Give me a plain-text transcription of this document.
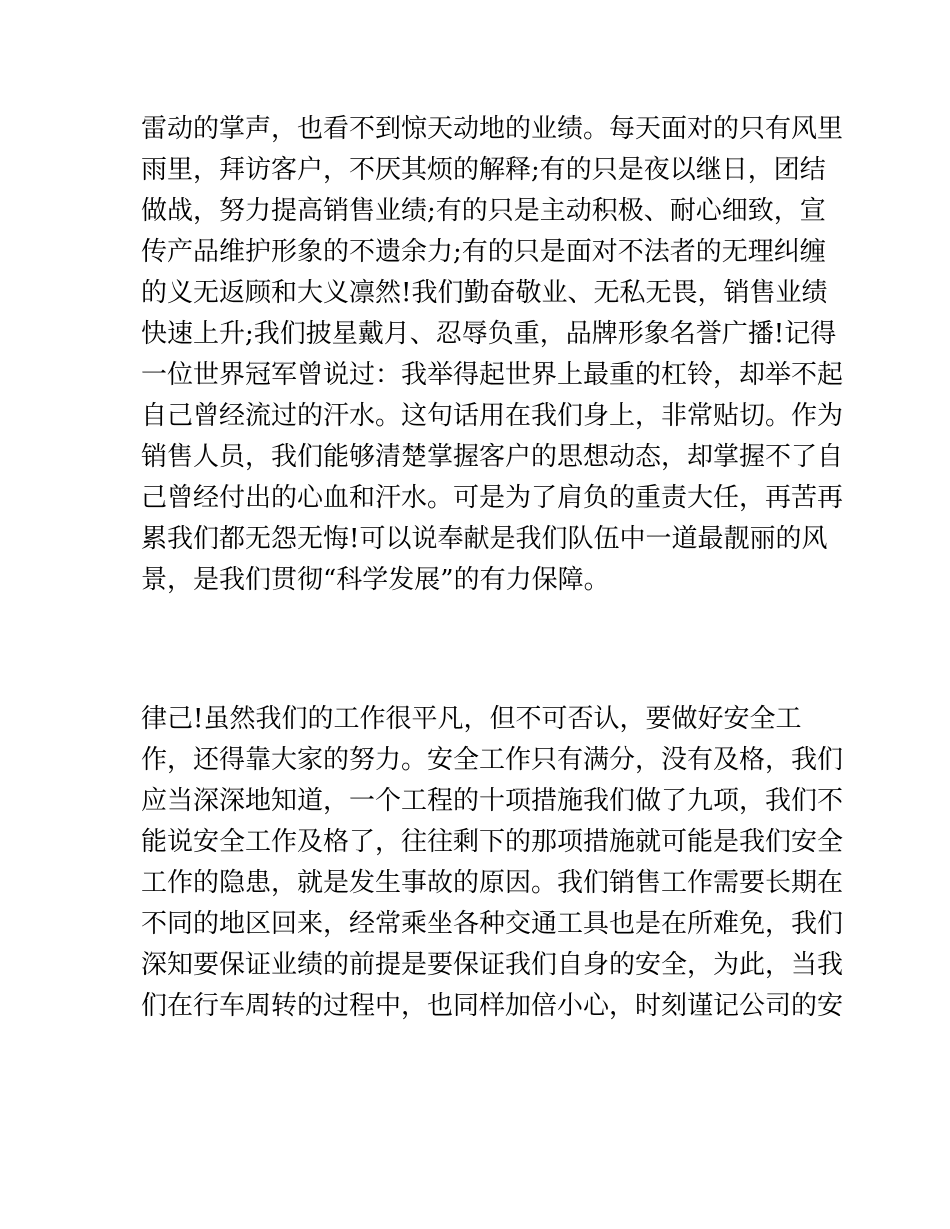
雷动的掌声，也看不到惊天动地的业绩。每天面对的只有风里
雨里，拜访客户，不厌其烦的解释;有的只是夜以继日，团结
做战，努力提高销售业绩;有的只是主动积极、耐心细致，宣
传产品维护形象的不遗余力;有的只是面对不法者的无理纠缠
的义无返顾和大义凛然!我们勤奋敬业、无私无畏，销售业绩
快速上升;我们披星戴月、忍辱负重，品牌形象名誉广播!记得
一位世界冠军曾说过：我举得起世界上最重的杠铃，却举不起
自己曾经流过的汗水。这句话用在我们身上，非常贴切。作为
销售人员，我们能够清楚掌握客户的思想动态，却掌握不了自
己曾经付出的心血和汗水。可是为了肩负的重责大任，再苦再
累我们都无怨无悔!可以说奉献是我们队伍中一道最靓丽的风
景，是我们贯彻“科学发展”的有力保障。
律己!虽然我们的工作很平凡，但不可否认，要做好安全工
作，还得靠大家的努力。安全工作只有满分，没有及格，我们
应当深深地知道，一个工程的十项措施我们做了九项，我们不
能说安全工作及格了，往往剩下的那项措施就可能是我们安全
工作的隐患，就是发生事故的原因。我们销售工作需要长期在
不同的地区回来，经常乘坐各种交通工具也是在所难免，我们
深知要保证业绩的前提是要保证我们自身的安全，为此，当我
们在行车周转的过程中，也同样加倍小心，时刻谨记公司的安
